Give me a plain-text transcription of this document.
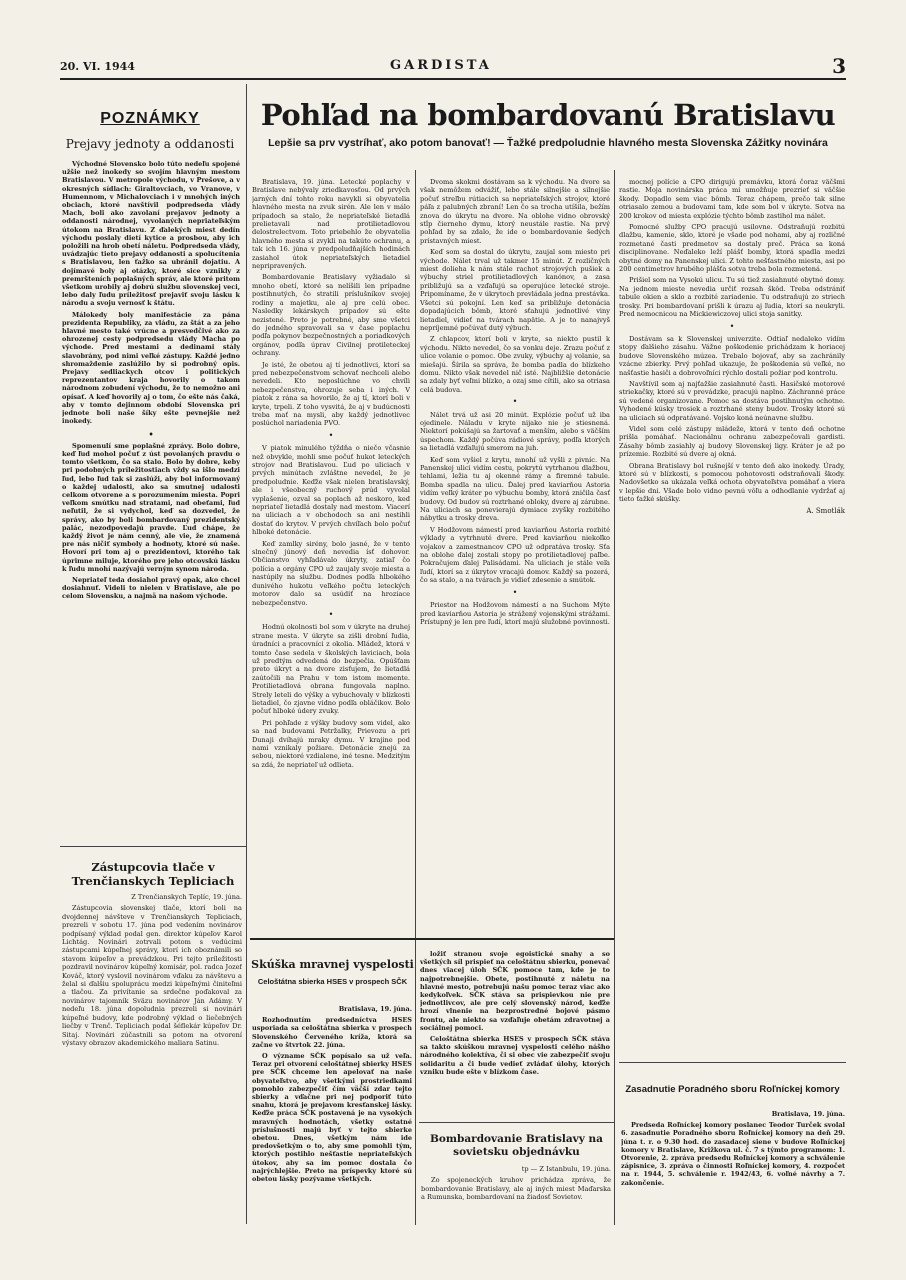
20. VI. 1944	GARDISTA	3
POZNÁMKY
Prejavy jednoty a oddanosti

Východné Slovensko bolo túto nedeľu spojené užšie než inokedy so svojím hlavným mestom Bratislavou. V metropole východu, v Prešove, a v okresných sídlach: Giraltovciach, vo Vranove, v Humennom, v Michalovciach i v mnohých iných obciach, ktoré navštívil podpredseda vlády Mach, boli ako zavolaní prejavov jednoty a oddanosti národnej, vyvolaných nepriateľským útokom na Bratislavu. Z ďalekých miest dedín východu poslaly dietí kytice a prosbou, aby ich položili na hrob obetí náletu. Podpredseda vlády, uvádzajúc tieto prejavy oddanosti a spolucítenia s Bratislavou, len ťažko sa ubránil dojatiu. A dojímavé boly aj otázky, ktoré sice vznikly z premršteních poplašných správ, ale ktoré pritom všetkom urobily aj dobrú službu slovenskej veci, lebo daly ľudu príležitosť prejaviť svoju lásku k národu a svoju vernosť k štátu.

Málokedy boly manifestácie za pána prezidenta Republiky, za vládu, za štát a za jeho hlavné mesto také vrúcne a presvedčivé ako za ohrozenej cesty podpredsedu vlády Macha po východe. Pred mestami a dedinami stály slavobrány, pod nimi veľké zástupy. Každé jedno shromaždenie zaslúžilo by si podrobný opis. Prejavy sedliackych otcov i politických reprezentantov kraja hovorily o takom národnom zobudení východu, že to nemožno ani opísať. A keď hovorily aj o tom, čo ešte nás čaká, aby v tomto dejinnom období Slovenska pri jednote boli naše šíky ešte pevnejšie než inokedy.

•

Spomenulí sme poplašné zprávy. Bolo dobre, keď ľud mohol počuť z úst povolaných pravdu o tomto všetkom, čo sa stalo. Bolo by dobre, keby pri podobných príležitostiach vždy sa išlo medzi ľud, lebo ľud tak si zaslúži, aby bol informovaný o každej udalosti, ako sa smutnej udalosti celkom otvorene a s porozumením miesta. Popri veľkom smútku nad stratami, nad obeťami, ľud neľutil, že si vydychol, keď sa dozvedel, že správy, ako by boli bombardovaný prezidentský palác, nezodpovedajú pravde. Ľud chápe, že každý život je nám cenný, ale vie, že znamená pre nás ničiť symboly a hodnoty, ktoré sú naše. Hovorí pri tom aj o prezidentovi, ktorého tak úprimne miluje, ktorého pre jeho otcovskú lásku k ľudu mnohí nazývajú verným synom národa.

Nepriateľ teda dosiahol pravý opak, ako chcel dosiahnuť. Videli to nielen v Bratislave, ale po celom Slovensku, a najmä na našom východe.

Zástupcovia tlače v Trenčianskych Tepliciach

Z Trenčianskych Teplíc, 19. júna.

Zástupcovia slovenskej tlače, ktorí boli na dvojdennej návšteve v Trenčianskych Tepliciach, prezreli v sobotu 17. júna pod vedením novinárov podpísaný výklad podal gen. direktor kúpeľov Karol Lichtág. Novinári zotrvali potom s vedúcimi zástupcami kúpeľnej správy, ktorí ich oboznámili so stavom kúpeľov a prevádzkou. Pri tejto príležitosti pozdravil novinárov kúpeľný komisár, pol. radca Jozef Kováč, ktorý vyslovil novinárom vďaku za návštevu a želal si ďalšiu spoluprácu medzi kúpeľnými činiteľmi a tlačou. Za privítanie sa srdečne poďakoval za novinárov tajomník Sväzu novinárov Ján Adámy. V nedeľu 18. júna dopoludnia prezreli si novinári kúpeľné budovy, kde podrobný výklad o liečebných liečby v Trenč. Tepliciach podal šéflekár kúpeľov Dr. Sitaj. Novinári zúčastnili sa potom na otvorení výstavy obrazov akademického maliara Satinu.

Pohľad na bombardovanú Bratislavu
Lepšie sa prv vystríhať, ako potom banovať! — Ťažké predpoludnie hlavného mesta Slovenska Zážitky novinára

Bratislava, 19. júna. Letecké poplachy v Bratislave nebývaly zriedkavosťou. Od prvých jarných dní tohto roku navykli si obyvatelia hlavného mesta na zvuk sirén. Ale len v málo prípadoch sa stalo, že nepriateľské lietadlá prelietavali nad protilietadlovou delostrelectvom. Toto priebehlo že obyvatelia hlavného mesta si zvykli na takúto ochranu, a tak ich 16. júna v predpoludňajších hodinách zasiahol útok nepriateľských lietadiel nepripravených.

Bombardovanie Bratislavy vyžiadalo si mnoho obetí, ktoré sa nelíšili len prípadne postihnutých, čo stratili príslušníkov svojej rodiny a majetku, ale aj pre celú obec. Nasledky lekárskych prípadov sú ešte nezistené. Preto je potrebné, aby sme všetci do jedného spravovali sa v čase poplachu podľa pokynov bezpečnostných a poriadkových orgánov, podľa úprav Civilnej protileteckej ochrany.

Je isté, že obetou aj tí jednotlivci, ktorí sa pred nebezpečenstvom schovať nechceli alebo nevedeli. Kto neposlúchne vo chvíli nebezpečenstva, ohrozuje seba i iných. V piatok z rána sa hovorilo, že aj tí, ktorí boli v kryte, trpeli. Z toho vysvitá, že aj v budúcnosti treba mať na mysli, aby každý jednotlivec poslúchol nariadenia PVO.

•

V piatok minulého týždňa o niečo včasnie než obvykle, mohli sme počuť hukot leteckých strojov nad Bratislavou. Ľud po uliciach v prvých minútach zvláštne nevedel, že je predpoludnie. Keďže však nielen bratislavský, ale i všeobecný ruchový prúd vyvolal vyplašenie, ozval sa poplach až neskoro, keď nepriateľ lietadlá dostaly nad mestom. Viacerí na uliciach a v obchodoch sa ani nestihli dostať do krytov. V prvých chvíľach bolo počuť hlboké detonácie.

Keď zamlky sirény, bolo jasné, že v tento slnečný júnový deň nevedia ísť dohovor. Občianstvo vyhľadávalo úkryty, zatiaľ čo polícia a orgány CPO už zaujaly svoje miesta a nastúpily na službu. Dodnes podľa hlbokého dunivého hukotu veľkého počtu leteckých motorov dalo sa usúdiť na hroziace nebezpečenstvo.

•

Hodnú okolnosti bol som v úkryte na druhej strane mesta. V úkryte sa zišli drobní ľudia, úradníci a pracovníci z okolia. Mládež, ktorá v tomto čase sedela v školských laviciach, bola už predtým odvedená do bezpečia. Opúšťam preto úkryt a na dvore zisťujem, že lietadlá zaútočili na Prahu v tom istom momente. Protilietadlová obrana fungovala naplno. Strely leteli do výšky a vybuchovaly v blízkosti lietadiel, čo zjavne vidno podľa obláčikov. Bolo počuť hlboké údery zvuky.

Pri pohľade z výšky budovy som videl, ako sa nad budovami Petržalky, Prievozu a pri Dunaji dvíhajú mraky dymu. V krajine pod nami vznikaly požiare. Detonácie znejú za sebou, niektoré vzdialene, iné tesne. Medzitým sa zdá, že nepriateľ už odlieta.

Dvoma skokmi dostávam sa k východu. Na dvore sa však nemôžem odvážiť, lebo stále silnejšie a silnejšie počuť streľbu rútiacich sa nepriateľských strojov, ktoré páľa z palubných zbraní! Len čo sa trocha utíšila, bežím znova do úkrytu na dvore. Na oblohe vidno obrovský stĺp čierneho dymu, ktorý neustále rastie. Na prvý pohľad by sa zdalo, že ide o bombardovanie šedých prístavných miest.

Keď som sa dostal do úkrytu, zaujal som miesto pri východe. Nálet trval už takmer 15 minút. Z rozličných miest dolieha k nám stále rachot strojových pušiek a výbuchy striel protilietadlových kanónov, a zasa približujú sa a vzďaľujú sa operujúce letecké stroje. Pripomíname, že v úkrytoch prevládala jedna prestávka. Všetci sú pokojní. Len keď sa približuje detonácia dopadajúcich bômb, ktoré sťahujú jednotlivé viny lietadiel, vidieť na tvárach napätie. A je to nanajvyš nepríjemné počúvať dutý výbuch.

Z chlapcov, ktorí boli v kryte, sa niekto pustil k východu. Nikto nevedel, čo sa vonku deje. Zrazu počuť z ulice volanie o pomoc. Obe zvuky, výbuchy aj volanie, sa miešajú. Šírila sa správa, že bomba padla do blízkeho domu. Nikto však nevedel nič isté. Najbližšie detonácie sa zdaly byť veľmi blízko, a ozaj sme cítili, ako sa otriasa celá budova.

•

Nálet trvá už asi 20 minút. Explózie počuť už iba ojedinele. Náladu v kryte nijako nie je stiesnená. Niektorí pokúšajú sa žartovať a menším, alebo s väčším úspechom. Každý počúva rádiové správy, podľa ktorých sa lietadlá vzďaľujú smerom na juh.

Keď som vyšiel z krytu, mnohí už vyšli z pivníc. Na Panenskej ulici vidím cestu, pokrytú vytrhanou dlažbou, tehlami, ležia tu aj okenné rámy a firemné tabule. Bomba spadla na ulicu. Ďalej pred kaviarňou Astoria vidím veľký kráter po výbuchu bomby, ktorá zničila časť budovy. Od budov sú roztrhané obloky, dvere aj zárubne. Na uliciach sa ponevierajú dymiace zvyšky rozbitého nábytku a trosky dreva.

V Hodžovom námestí pred kaviarňou Astoria rozbité výklady a vytrhnuté dvere. Pred kaviarňou niekoľko vojakov a zamestnancov CPO už odpratáva trosky. Sťa na oblohe ďalej zostali stopy po protilietadlovej paľbe. Pokračujem ďalej Palisádami. Na uliciach je stále veľa ľudí, ktorí sa z úkrytov vracajú domov. Každý sa pozerá, čo sa stalo, a na tvárach je vidieť zdesenie a smútok.

•

Priestor na Hodžovom námestí a na Suchom Mýte pred kaviarňou Astoria je strážený vojenskými strážami. Prístupný je len pre ľudí, ktorí majú služobné povinnosti.

mocnej polície a CPO dirigujú premávku, ktorá čoraz väčšmi rastie. Moja novinárska práca mi umožňuje prezrieť si väčšie škody. Dopadlo sem viac bômb. Teraz chápem, prečo tak silne otriasalo zemou a budovami tam, kde som bol v úkryte. Sotva na 200 krokov od miesta explózie týchto bômb zastihol ma nálet.

Pomocné služby CPO pracujú usilovne. Odstraňujú rozbitú dlažbu, kamenie, sklo, ktoré je všade pod nohami, aby aj rozličné rozmetané časti predmetov sa dostaly preč. Práca sa koná disciplinovane. Neďaleko leží plášť bomby, ktorá spadla medzi obytné domy na Panenskej ulici. Z tohto nešťastného miesta, asi po 200 centimetrov hrubého plášťa sotva treba bola rozmetená.

Prišiel som na Vysokú ulicu. Tu sú tiež zasiahnuté obytné domy. Na jednom mieste nevedia určiť rozsah škôd. Treba odstrániť tabule okien a sklo a rozbité zariadenie. Tu odstraňujú zo striech trosky. Pri bombardovaní prišli k úrazu aj ľudia, ktorí sa neukryli. Pred nemocnicou na Mickiewiczovej ulici stoja sanitky.

•

Dostávam sa k Slovenskej univerzite. Odtiaľ nedaleko vidím stopy ďalšieho zásahu. Vážne poškodenie prichádzam k horiacej budove Slovenského múzea. Trebalo bojovať, aby sa zachránily vzácne zbierky. Prvý pohľad ukazuje, že poškodenia sú veľké, no našťastie hasiči a dobrovoľníci rýchlo dostali požiar pod kontrolu.

Navštívil som aj najťažšie zasiahnuté časti. Hasičské motorové striekačky, ktoré sú v prevádzke, pracujú naplno. Záchranné práce sú vedené organizovane. Pomoc sa dostáva postihnutým ochotne. Vyhodené kúsky trosiek a roztrhané steny budov. Trosky ktoré sú na uliciach sú odpratávané. Vojsko koná neúnavne službu.

Videl som celé zástupy mládeže, ktorá v tento deň ochotne prišla pomáhať. Nacionálnu ochranu zabezpečovali gardisti. Zásahy bômb zasiahly aj budovy Slovenskej ligy. Kráter je až po prízemie. Rozbité sú dvere aj okná.

Obrana Bratislavy bol rušnejší v tento deň ako inokedy. Úrady, ktoré sú v blízkosti, s pomocou pohotovosti odstraňovali škody. Nadovšetko sa ukázala veľká ochota obyvateľstva pomáhať a viera v lepšie dni. Všade bolo vidno pevnú vôľu a odhodlanie vydržať aj tieto ťažké skúšky.

A. Smotlák

Skúška mravnej vyspelosti
Celoštátna sbierka HSES v prospech SČK

Bratislava, 19. júna.

Rozhodnutím predsedníctva HSES usporiada sa celoštátna sbierka v prospech Slovenského Červeného kríža, ktorá sa začne vo štvrtok 22. júna.

O význame SČK popísalo sa už veľa. Teraz pri otvorení celoštátnej sbierky HSES pre SČK chceme len apelovať na naše obyvateľstvo, aby všetkými prostriedkami pomohlo zabezpečiť čím väčší zdar tejto sbierky a vďačne pri nej podporiť túto snahu, ktorá je prejavom kresťanskej lásky. Keďže práca SČK postavená je na vysokých mravných hodnotách, všetky ostatné príslušnosti majú byť v tejto sbierke obetou. Dnes, všetkým nám ide predovšetkým o to, aby sme pomohli tým, ktorých postihlo nešťastie nepriateľských útokov, aby sa im pomoc dostala čo najrýchlejšie. Preto na príspevky ktoré sú obetou lásky pozývame všetkých.

ložiť stranou svoje egoistické snahy a so všetkých síl prispieť na celoštátnu sbierku, ponevač dnes viacej úloh SČK pomoce tam, kde je to najpotrebnejšie. Obete, postihnuté z náletu na hlavné mesto, potrebujú našu pomoc teraz viac ako kedykoľvek. SČK stáva sa prispievkou nie pre jednotlivcov, ale pre celý slovenský národ, keďže hrozí vlnenie na bezprostredné bojové pásmo frontu, ale niekto sa vzďaľuje obetám zdravotnej a sociálnej pomoci.

Celoštátna sbierka HSES v prospech SČK stáva sa takto skúškou mravnej vyspelosti celého nášho národného kolektíva, či si obec vie zabezpečiť svoju solidaritu a či bude vedieť zvládať úlohy, ktorých vzniku bude ešte v blízkom čase.

Bombardovanie Bratislavy na sovietsku objednávku

tp — Z Istanbulu, 19. júna.

Zo spojeneckých kruhov prichádza zpráva, že bombardovanie Bratislavy, ale aj iných miest Maďarska a Rumunska, bombardovaní na žiadosť Sovietov.

Zasadnutie Poradného sboru Roľníckej komory

Bratislava, 19. júna.

Predseda Roľníckej komory poslanec Teodor Turček svolal 6. zasadnutie Poradného sboru Roľníckej komory na deň 29. júna t. r. o 9.30 hod. do zasadacej siene v budove Roľníckej komory v Bratislave, Križkova ul. č. 7 s týmto programom: 1. Otvorenie, 2. zpráva predsedu Roľníckej komory a schválenie zápisnice, 3. zpráva o činnosti Roľníckej komory, 4. rozpočet na r. 1944, 5. schválenie r. 1942/43, 6. voľné návrhy a 7. zakončenie.
